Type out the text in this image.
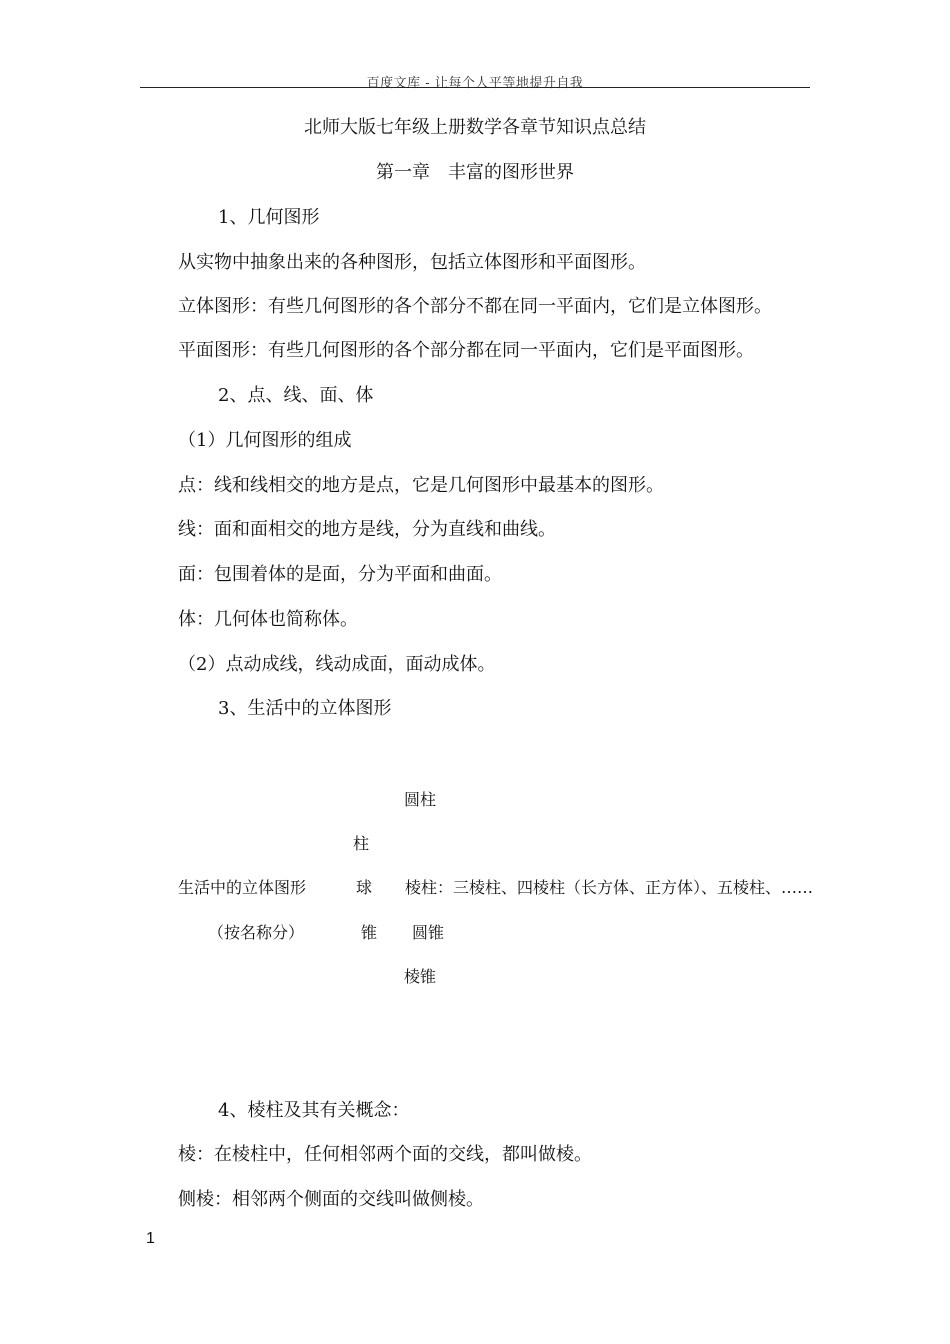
百度文库 - 让每个人平等地提升自我
北师大版七年级上册数学各章节知识点总结
第一章　丰富的图形世界
1、几何图形
从实物中抽象出来的各种图形，包括立体图形和平面图形。
立体图形：有些几何图形的各个部分不都在同一平面内，它们是立体图形。
平面图形：有些几何图形的各个部分都在同一平面内，它们是平面图形。
2、点、线、面、体
（1）几何图形的组成
点：线和线相交的地方是点，它是几何图形中最基本的图形。
线：面和面相交的地方是线，分为直线和曲线。
面：包围着体的是面，分为平面和曲面。
体：几何体也简称体。
（2）点动成线，线动成面，面动成体。
3、生活中的立体图形
圆柱
柱
生活中的立体图形	球 棱柱：三棱柱、四棱柱（长方体、正方体）、五棱柱、……
（按名称分）	锥 圆锥
棱锥
4、棱柱及其有关概念：
棱：在棱柱中，任何相邻两个面的交线，都叫做棱。
侧棱：相邻两个侧面的交线叫做侧棱。
1
